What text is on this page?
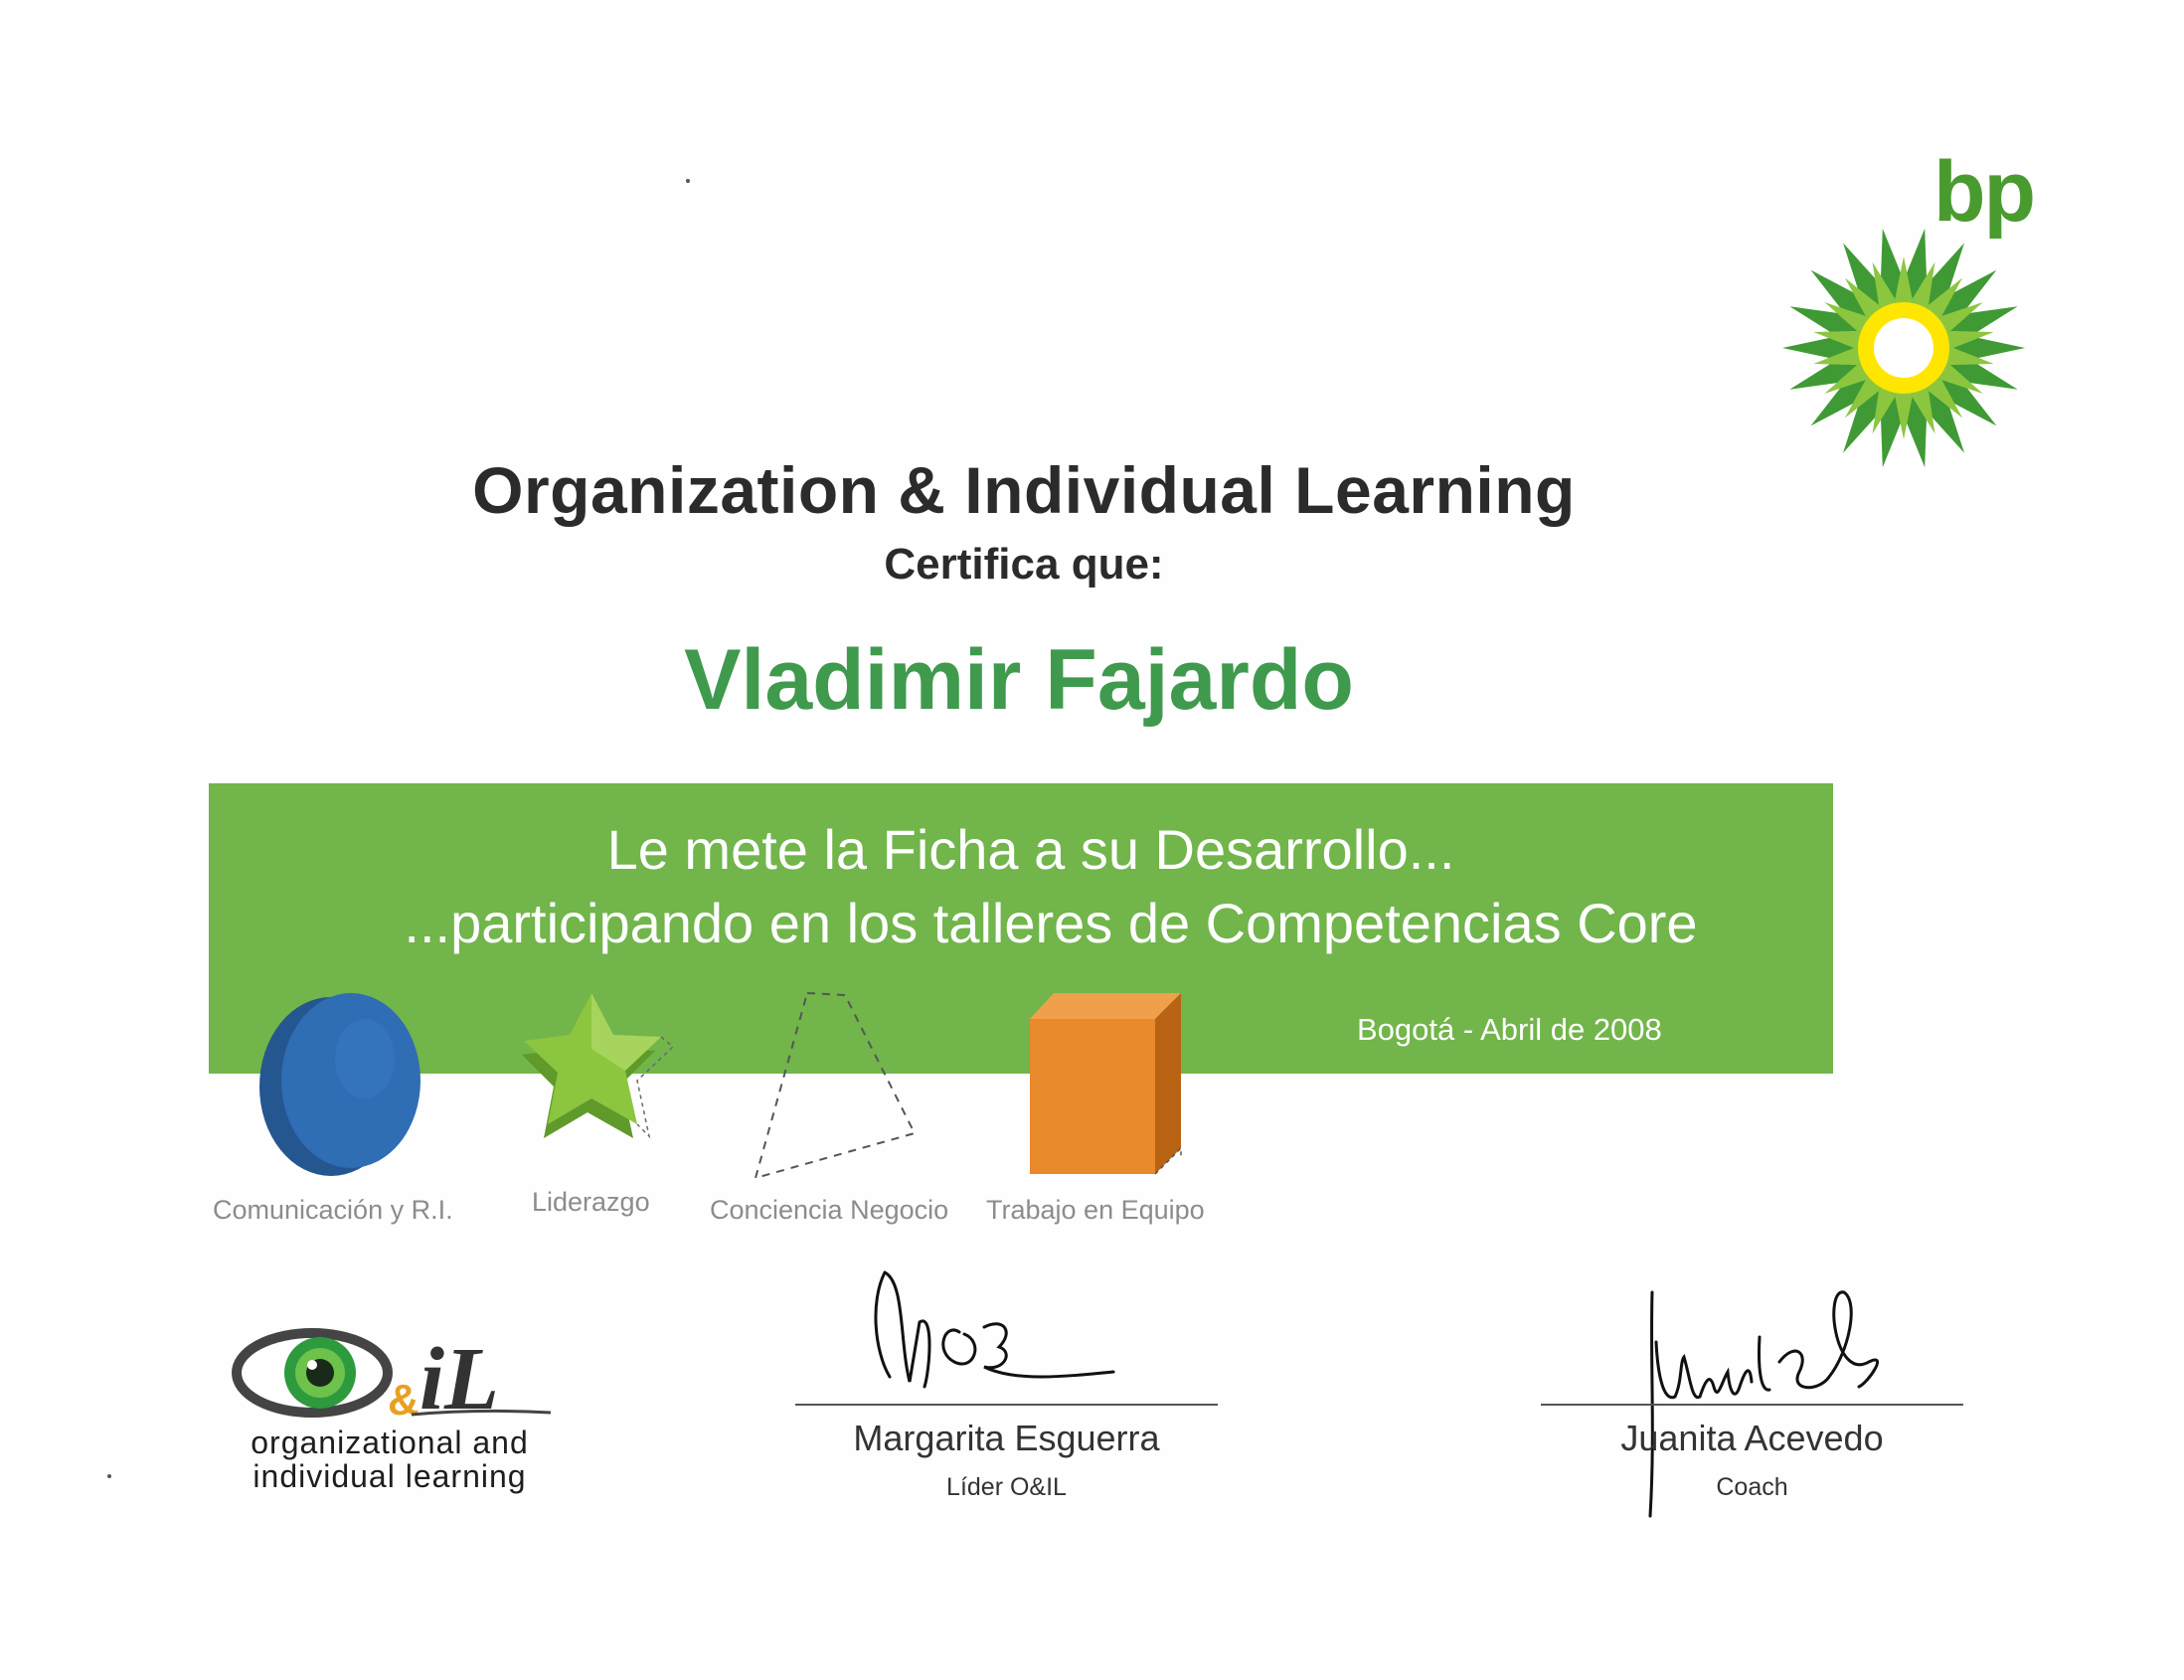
bp
Organization & Individual Learning
Certifica que:
Vladimir Fajardo
Le mete la Ficha a su Desarrollo...
...participando en los talleres de Competencias Core
Bogotá - Abril de 2008
Comunicación y R.I.	Liderazgo Conciencia Negocio Trabajo en Equipo
& iL
organizational and
individual learning
Margarita Esguerra
Líder O&IL
Juanita Acevedo
Coach
